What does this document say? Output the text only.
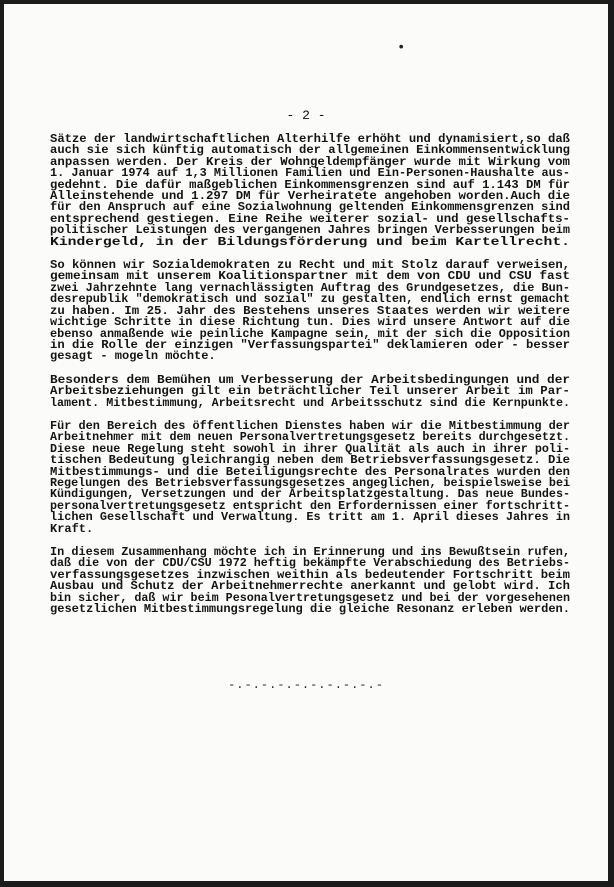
•
- 2 -
Sätze der landwirtschaftlichen Alterhilfe erhöht und dynamisiert,so daß
auch sie sich künftig automatisch der allgemeinen Einkommensentwicklung
anpassen werden. Der Kreis der Wohngeldempfänger wurde mit Wirkung vom
1. Januar 1974 auf 1,3 Millionen Familien und Ein-Personen-Haushalte aus-
gedehnt. Die dafür maßgeblichen Einkommensgrenzen sind auf 1.143 DM für
Alleinstehende und 1.297 DM für Verheiratete angehoben worden.Auch die
für den Anspruch auf eine Sozialwohnung geltenden Einkommensgrenzen sind
entsprechend gestiegen. Eine Reihe weiterer sozial- und gesellschafts-
politischer Leistungen des vergangenen Jahres bringen Verbesserungen beim
Kindergeld, in der Bildungsförderung und beim Kartellrecht.
So können wir Sozialdemokraten zu Recht und mit Stolz darauf verweisen,
gemeinsam mit unserem Koalitionspartner mit dem von CDU und CSU fast
zwei Jahrzehnte lang vernachlässigten Auftrag des Grundgesetzes, die Bun-
desrepublik "demokratisch und sozial" zu gestalten, endlich ernst gemacht
zu haben. Im 25. Jahr des Bestehens unseres Staates werden wir weitere
wichtige Schritte in diese Richtung tun. Dies wird unsere Antwort auf die
ebenso anmaßende wie peinliche Kampagne sein, mit der sich die Opposition
in die Rolle der einzigen "Verfassungspartei" deklamieren oder - besser
gesagt - mogeln möchte.
Besonders dem Bemühen um Verbesserung der Arbeitsbedingungen und der
Arbeitsbeziehungen gilt ein beträchtlicher Teil unserer Arbeit im Par-
lament. Mitbestimmung, Arbeitsrecht und Arbeitsschutz sind die Kernpunkte.
Für den Bereich des öffentlichen Dienstes haben wir die Mitbestimmung der
Arbeitnehmer mit dem neuen Personalvertretungsgesetz bereits durchgesetzt.
Diese neue Regelung steht sowohl in ihrer Qualität als auch in ihrer poli-
tischen Bedeutung gleichrangig neben dem Betriebsverfassungsgesetz. Die
Mitbestimmungs- und die Beteiligungsrechte des Personalrates wurden den
Regelungen des Betriebsverfassungsgesetzes angeglichen, beispielsweise bei
Kündigungen, Versetzungen und der Arbeitsplatzgestaltung. Das neue Bundes-
personalvertretungsgesetz entspricht den Erfordernissen einer fortschritt-
lichen Gesellschaft und Verwaltung. Es tritt am 1. April dieses Jahres in
Kraft.
In diesem Zusammenhang möchte ich in Erinnerung und ins Bewußtsein rufen,
daß die von der CDU/CSU 1972 heftig bekämpfte Verabschiedung des Betriebs-
verfassungsgesetzes inzwischen weithin als bedeutender Fortschritt beim
Ausbau und Schutz der Arbeitnehmerrechte anerkannt und gelobt wird. Ich
bin sicher, daß wir beim Pesonalvertretungsgesetz und bei der vorgesehenen
gesetzlichen Mitbestimmungsregelung die gleiche Resonanz erleben werden.
-.-.-.-.-.-.-.-.-.-
